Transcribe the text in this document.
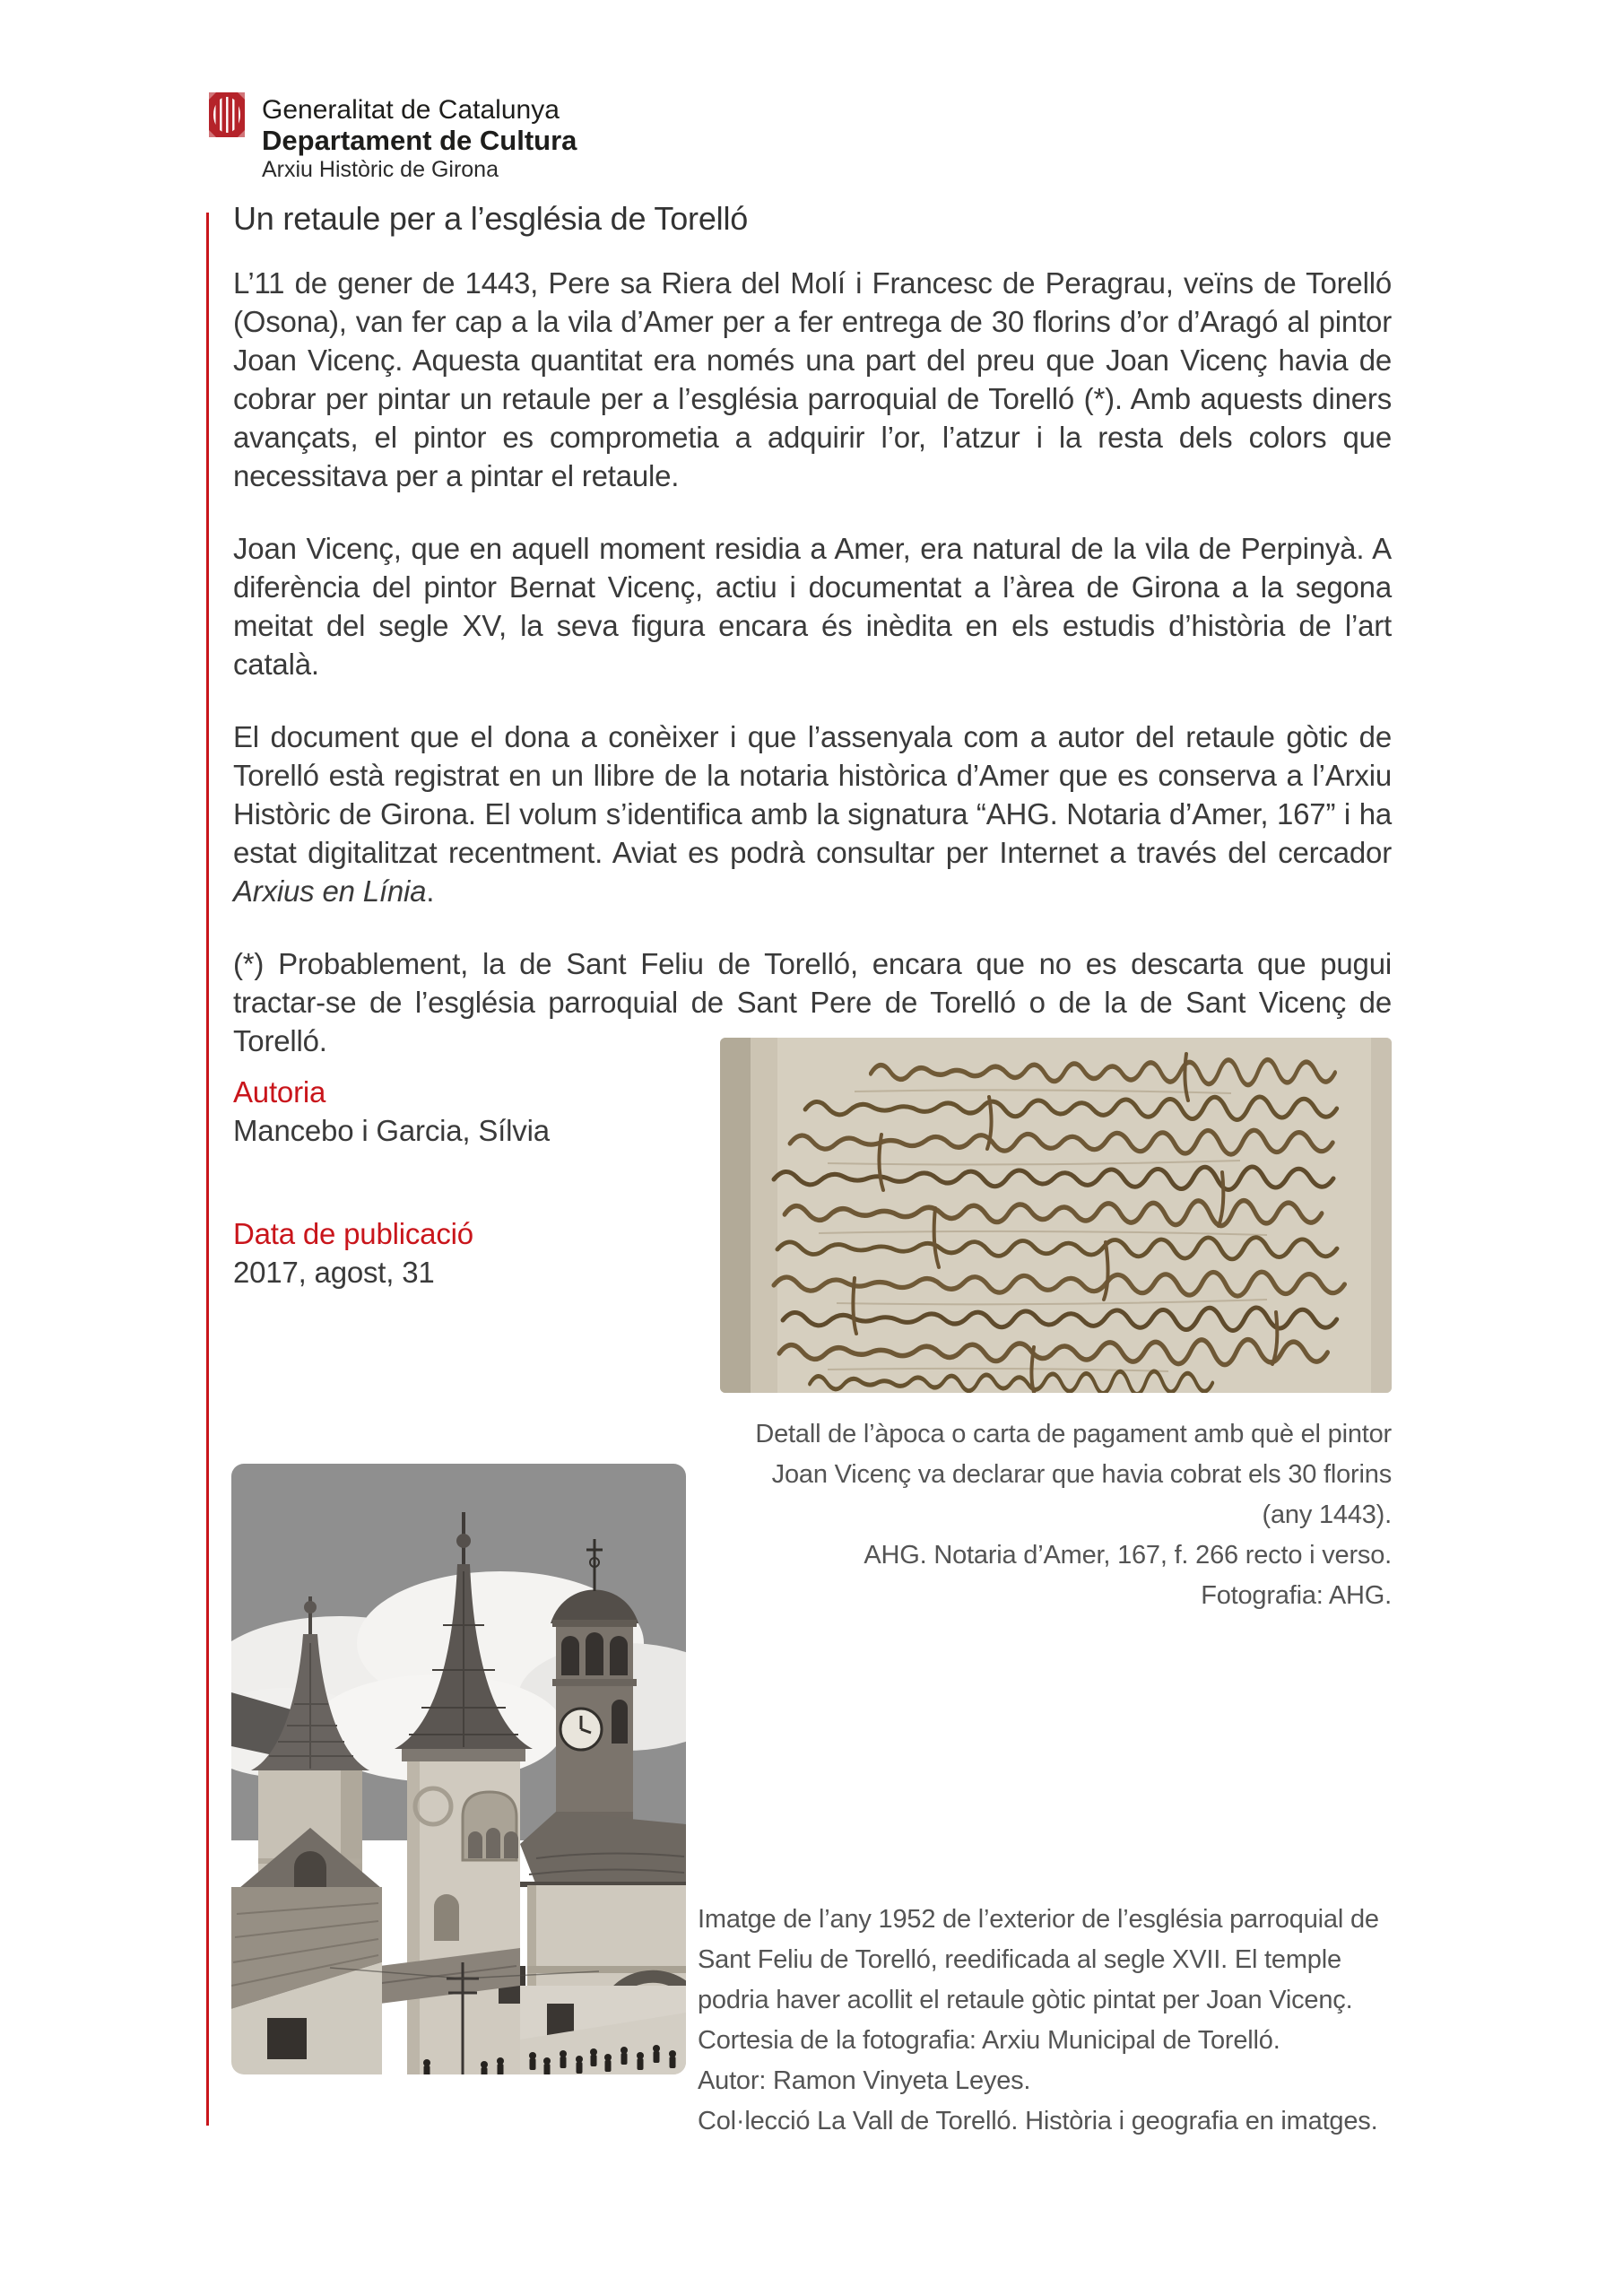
Generalitat de Catalunya
Departament de Cultura
Arxiu Històric de Girona
Un retaule per a l’església de Torelló

L’11 de gener de 1443, Pere sa Riera del Molí i Francesc de Peragrau, veïns de Torelló (Osona), van fer cap a la vila d’Amer per a fer entrega de 30 florins d’or d’Aragó al pintor Joan Vicenç. Aquesta quantitat era només una part del preu que Joan Vicenç havia de cobrar per pintar un retaule per a l’església parroquial de Torelló (*). Amb aquests diners avançats, el pintor es comprometia a adquirir l’or, l’atzur i la resta dels colors que necessitava per a pintar el retaule.

Joan Vicenç, que en aquell moment residia a Amer, era natural de la vila de Perpinyà. A diferència del pintor Bernat Vicenç, actiu i documentat a l’àrea de Girona a la segona meitat del segle XV, la seva figura encara és inèdita en els estudis d’història de l’art català.

El document que el dona a conèixer i que l’assenyala com a autor del retaule gòtic de Torelló està registrat en un llibre de la notaria històrica d’Amer que es conserva a l’Arxiu Històric de Girona. El volum s’identifica amb la signatura “AHG. Notaria d’Amer, 167” i ha estat digitalitzat recentment. Aviat es podrà consultar per Internet a través del cercador Arxius en Línia.

(*) Probablement, la de Sant Feliu de Torelló, encara que no es descarta que pugui tractar-se de l’església parroquial de Sant Pere de Torelló o de la de Sant Vicenç de Torelló.

Autoria
Mancebo i Garcia, Sílvia
Data de publicació
2017, agost, 31
Detall de l’àpoca o carta de pagament amb què el pintor
Joan Vicenç va declarar que havia cobrat els 30 florins
(any 1443).
AHG. Notaria d’Amer, 167, f. 266 recto i verso.
Fotografia: AHG.
Imatge de l’any 1952 de l’exterior de l’església parroquial de
Sant Feliu de Torelló, reedificada al segle XVII. El temple
podria haver acollit el retaule gòtic pintat per Joan Vicenç.
Cortesia de la fotografia: Arxiu Municipal de Torelló.
Autor: Ramon Vinyeta Leyes.
Col·lecció La Vall de Torelló. Història i geografia en imatges.
